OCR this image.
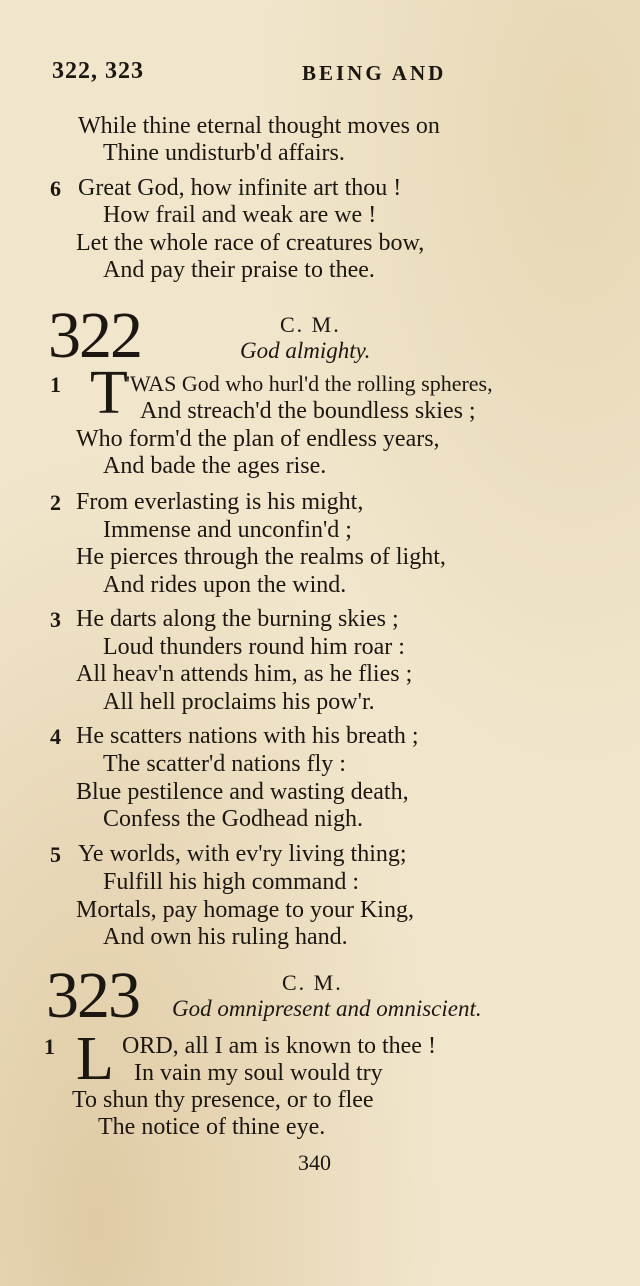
322, 323	BEING AND
While thine eternal thought moves on
Thine undisturb'd affairs.
6 Great God, how infinite art thou !
How frail and weak are we !
Let the whole race of creatures bow,
And pay their praise to thee.
322	C. M.
God almighty.
1 T
'WAS God who hurl'd the rolling spheres,
And streach'd the boundless skies ;
Who form'd the plan of endless years,
And bade the ages rise.
2 From everlasting is his might,
Immense and unconfin'd ;
He pierces through the realms of light,
And rides upon the wind.
3 He darts along the burning skies ;
Loud thunders round him roar :
All heav'n attends him, as he flies ;
All hell proclaims his pow'r.
4 He scatters nations with his breath ;
The scatter'd nations fly :
Blue pestilence and wasting death,
Confess the Godhead nigh.
5 Ye worlds, with ev'ry living thing;
Fulfill his high command :
Mortals, pay homage to your King,
And own his ruling hand.
323	C. M.
God omnipresent and omniscient.
1 L ORD, all I am is known to thee !
In vain my soul would try
To shun thy presence, or to flee
The notice of thine eye.
340
